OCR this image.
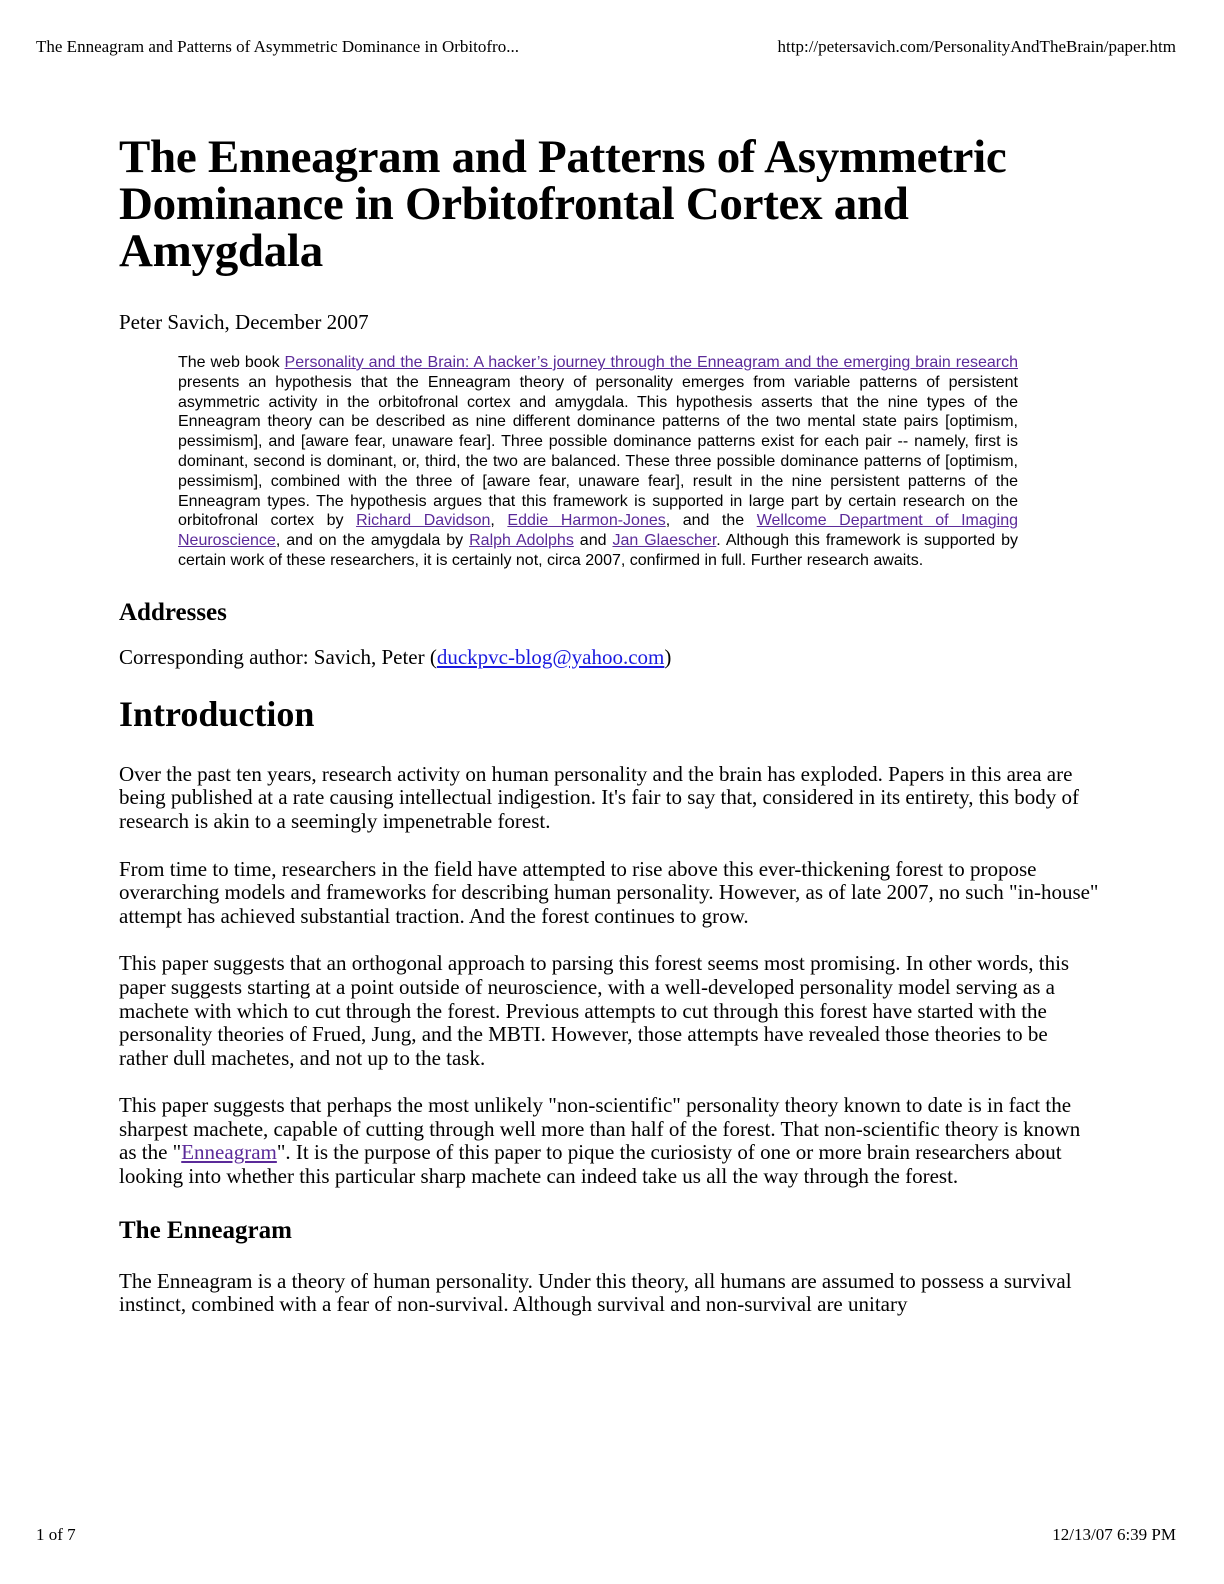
The Enneagram and Patterns of Asymmetric Dominance in Orbitofro...	http://petersavich.com/PersonalityAndTheBrain/paper.htm
The Enneagram and Patterns of Asymmetric
Dominance in Orbitofrontal Cortex and
Amygdala
Peter Savich, December 2007
The web book Personality and the Brain: A hacker’s journey through the Enneagram and the emerging brain research presents an hypothesis that the Enneagram theory of personality emerges from variable patterns of persistent asymmetric activity in the orbitofronal cortex and amygdala. This hypothesis asserts that the nine types of the Enneagram theory can be described as nine different dominance patterns of the two mental state pairs [optimism, pessimism], and [aware fear, unaware fear]. Three possible dominance patterns exist for each pair -- namely, first is dominant, second is dominant, or, third, the two are balanced. These three possible dominance patterns of [optimism, pessimism], combined with the three of [aware fear, unaware fear], result in the nine persistent patterns of the Enneagram types. The hypothesis argues that this framework is supported in large part by certain research on the orbitofronal cortex by Richard Davidson, Eddie Harmon-Jones, and the Wellcome Department of Imaging Neuroscience, and on the amygdala by Ralph Adolphs and Jan Glaescher. Although this framework is supported by certain work of these researchers, it is certainly not, circa 2007, confirmed in full. Further research awaits.
Addresses
Corresponding author: Savich, Peter (duckpvc-blog@yahoo.com)
Introduction

Over the past ten years, research activity on human personality and the brain has exploded. Papers in this area are being published at a rate causing intellectual indigestion. It's fair to say that, considered in its entirety, this body of research is akin to a seemingly impenetrable forest.

From time to time, researchers in the field have attempted to rise above this ever-thickening forest to propose overarching models and frameworks for describing human personality. However, as of late 2007, no such "in-house" attempt has achieved substantial traction. And the forest continues to grow.

This paper suggests that an orthogonal approach to parsing this forest seems most promising. In other words, this paper suggests starting at a point outside of neuroscience, with a well-developed personality model serving as a machete with which to cut through the forest. Previous attempts to cut through this forest have started with the personality theories of Frued, Jung, and the MBTI. However, those attempts have revealed those theories to be rather dull machetes, and not up to the task.

This paper suggests that perhaps the most unlikely "non-scientific" personality theory known to date is in fact the sharpest machete, capable of cutting through well more than half of the forest. That non-scientific theory is known as the "Enneagram". It is the purpose of this paper to pique the curiosisty of one or more brain researchers about looking into whether this particular sharp machete can indeed take us all the way through the forest.

The Enneagram

The Enneagram is a theory of human personality. Under this theory, all humans are assumed to possess a survival instinct, combined with a fear of non-survival. Although survival and non-survival are unitary

1 of 7	12/13/07 6:39 PM
